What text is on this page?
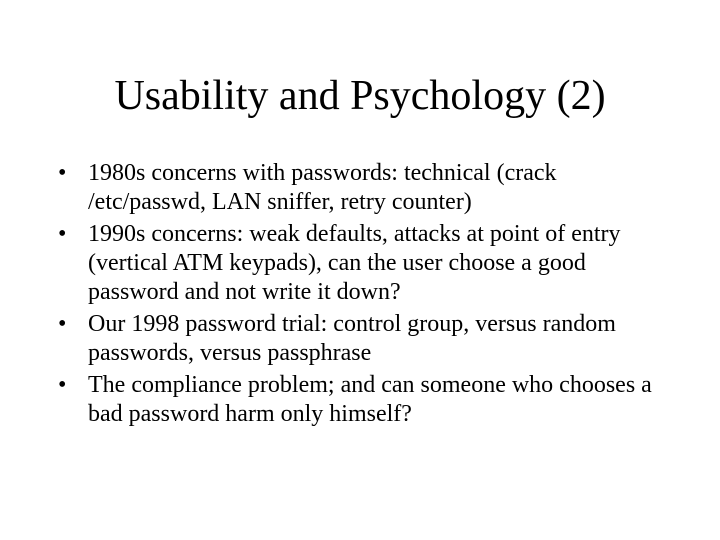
Usability and Psychology (2)
• 1980s concerns with passwords: technical (crack /etc/passwd, LAN sniffer, retry counter)
• 1990s concerns: weak defaults, attacks at point of entry (vertical ATM keypads), can the user choose a good password and not write it down?
• Our 1998 password trial: control group, versus random passwords, versus passphrase
• The compliance problem; and can someone who chooses a bad password harm only himself?
